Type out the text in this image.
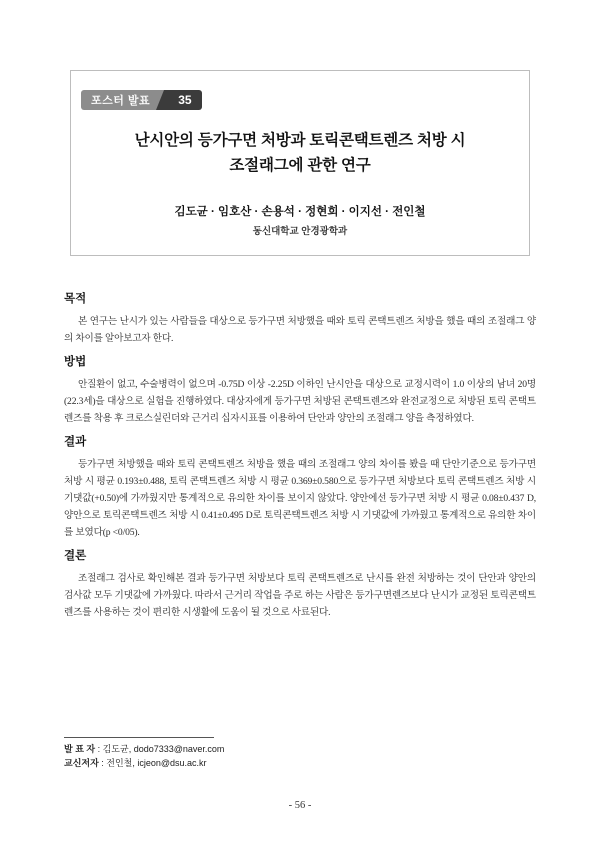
포스터 발표	35
난시안의 등가구면 처방과 토릭콘택트렌즈 처방 시
조절래그에 관한 연구
김도균 · 임호산 · 손용석 · 정현희 · 이지선 · 전인철
동신대학교 안경광학과
목적

본 연구는 난시가 있는 사람들을 대상으로 등가구면 처방했을 때와 토릭 콘택트렌즈 처방을 했을 때의 조절래그 양의 차이를 알아보고자 한다.

방법

안질환이 없고, 수술병력이 없으며 -0.75D 이상 -2.25D 이하인 난시안을 대상으로 교정시력이 1.0 이상의 남녀 20명(22.3세)을 대상으로 실험을 진행하였다. 대상자에게 등가구면 처방된 콘택트렌즈와 완전교정으로 처방된 토릭 콘택트렌즈를 착용 후 크로스실린더와 근거리 십자시표를 이용하여 단안과 양안의 조절래그 양을 측정하였다.

결과

등가구면 처방했을 때와 토릭 콘택트렌즈 처방을 했을 때의 조절래그 양의 차이를 봤을 때 단안기준으로 등가구면 처방 시 평균 0.193±0.488, 토릭 콘택트렌즈 처방 시 평균 0.369±0.580으로 등가구면 처방보다 토릭 콘택트렌즈 처방 시 기댓값(+0.50)에 가까웠지만 통계적으로 유의한 차이를 보이지 않았다. 양안에선 등가구면 처방 시 평균 0.08±0.437 D, 양안으로 토릭콘택트렌즈 처방 시 0.41±0.495 D로 토릭콘택트렌즈 처방 시 기댓값에 가까웠고 통계적으로 유의한 차이를 보였다(p <0/05).

결론

조절래그 검사로 확인해본 결과 등가구면 처방보다 토릭 콘택트렌즈로 난시를 완전 처방하는 것이 단안과 양안의 검사값 모두 기댓값에 가까웠다. 따라서 근거리 작업을 주로 하는 사람은 등가구면렌즈보다 난시가 교정된 토릭콘택트렌즈를 사용하는 것이 편리한 시생활에 도움이 될 것으로 사료된다.

발 표 자 : 김도균, dodo7333@naver.com
교신저자 : 전인철, icjeon@dsu.ac.kr
- 56 -
